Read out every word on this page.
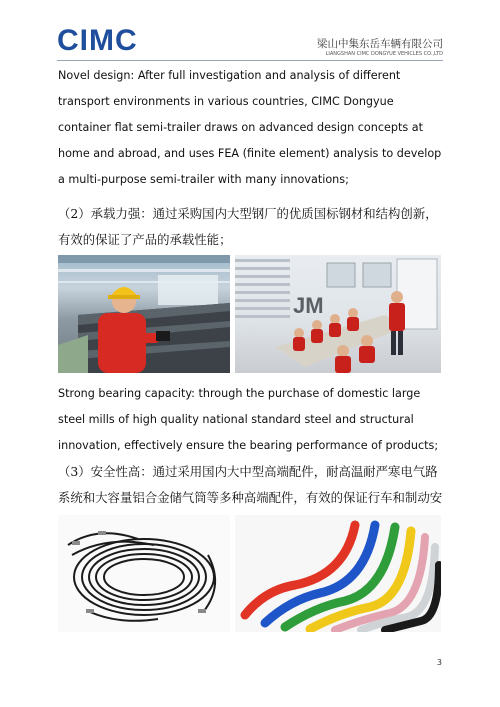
CIMC	梁山中集东岳车辆有限公司
LIANGSHAN CIMC DONGYUE VEHICLES CO.,LTD
Novel design: After full investigation and analysis of different transport environments in various countries, CIMC Dongyue container flat semi-trailer draws on advanced design concepts at home and abroad, and uses FEA (finite element) analysis to develop a multi-purpose semi-trailer with many innovations;
（2）承载力强：通过采购国内大型钢厂的优质国标钢材和结构创新，有效的保证了产品的承载性能；
JM
Strong bearing capacity: through the purchase of domestic large steel mills of high quality national standard steel and structural innovation, effectively ensure the bearing performance of products;
（3）安全性高：通过采用国内大中型高端配件，耐高温耐严寒电气路系统和大容量铝合金储气筒等多种高端配件，有效的保证行车和制动安
3
